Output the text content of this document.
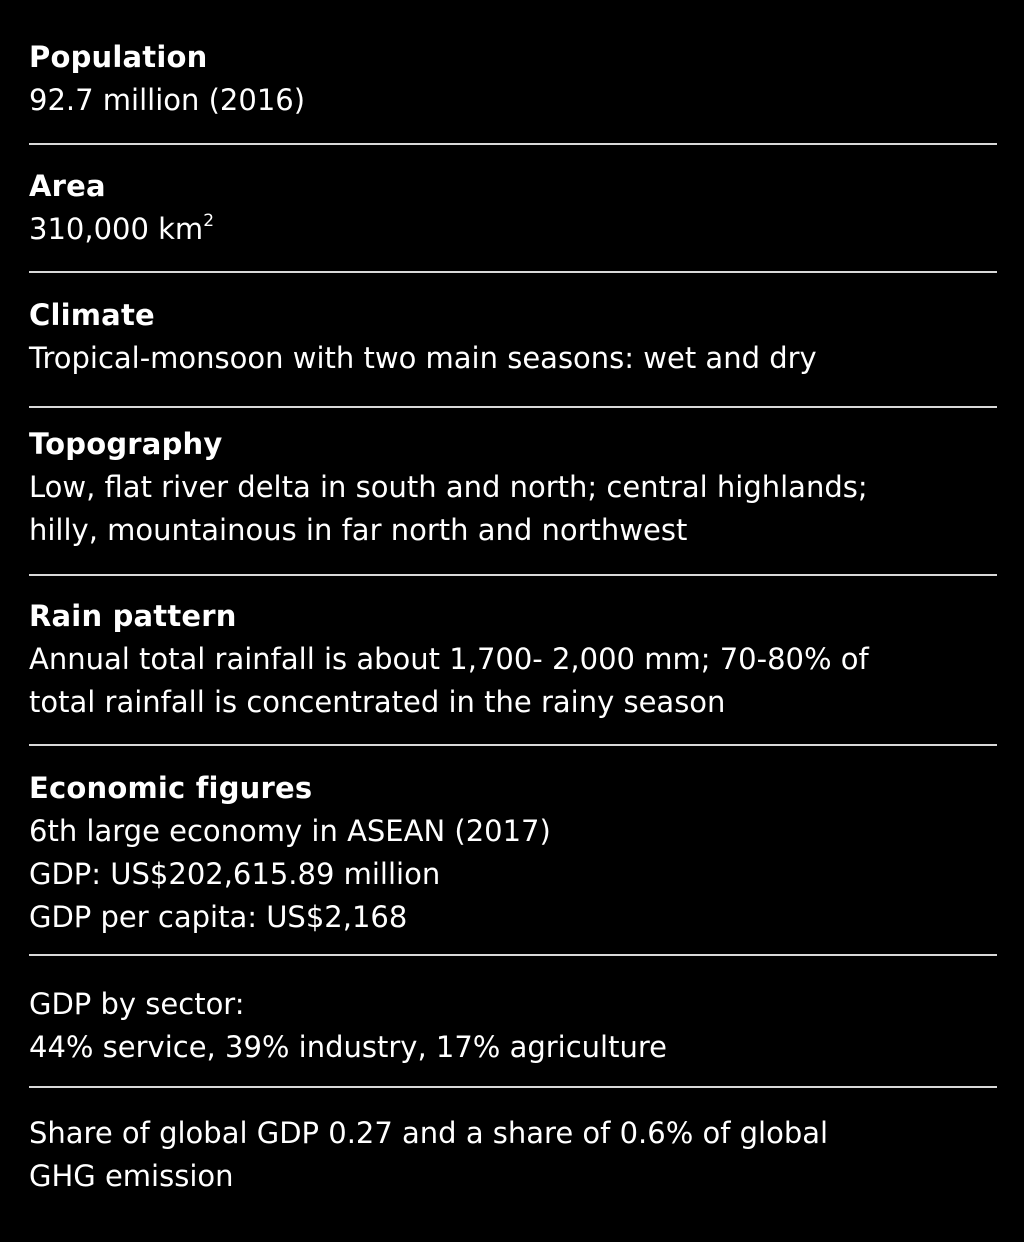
Population
92.7 million (2016)
Area
310,000 $km^2$
Climate
Tropical-monsoon with two main seasons: wet and dry
Topography
Low, flat river delta in south and north; central highlands;
hilly, mountainous in far north and northwest
Rain pattern
Annual total rainfall is about 1,700- 2,000 mm; 70-80% of
total rainfall is concentrated in the rainy season
Economic figures
6th large economy in ASEAN (2017)
GDP: US$202,615.89 million
GDP per capita: US$2,168
GDP by sector:
44% service, 39% industry, 17% agriculture
Share of global GDP 0.27 and a share of 0.6% of global
GHG emission
